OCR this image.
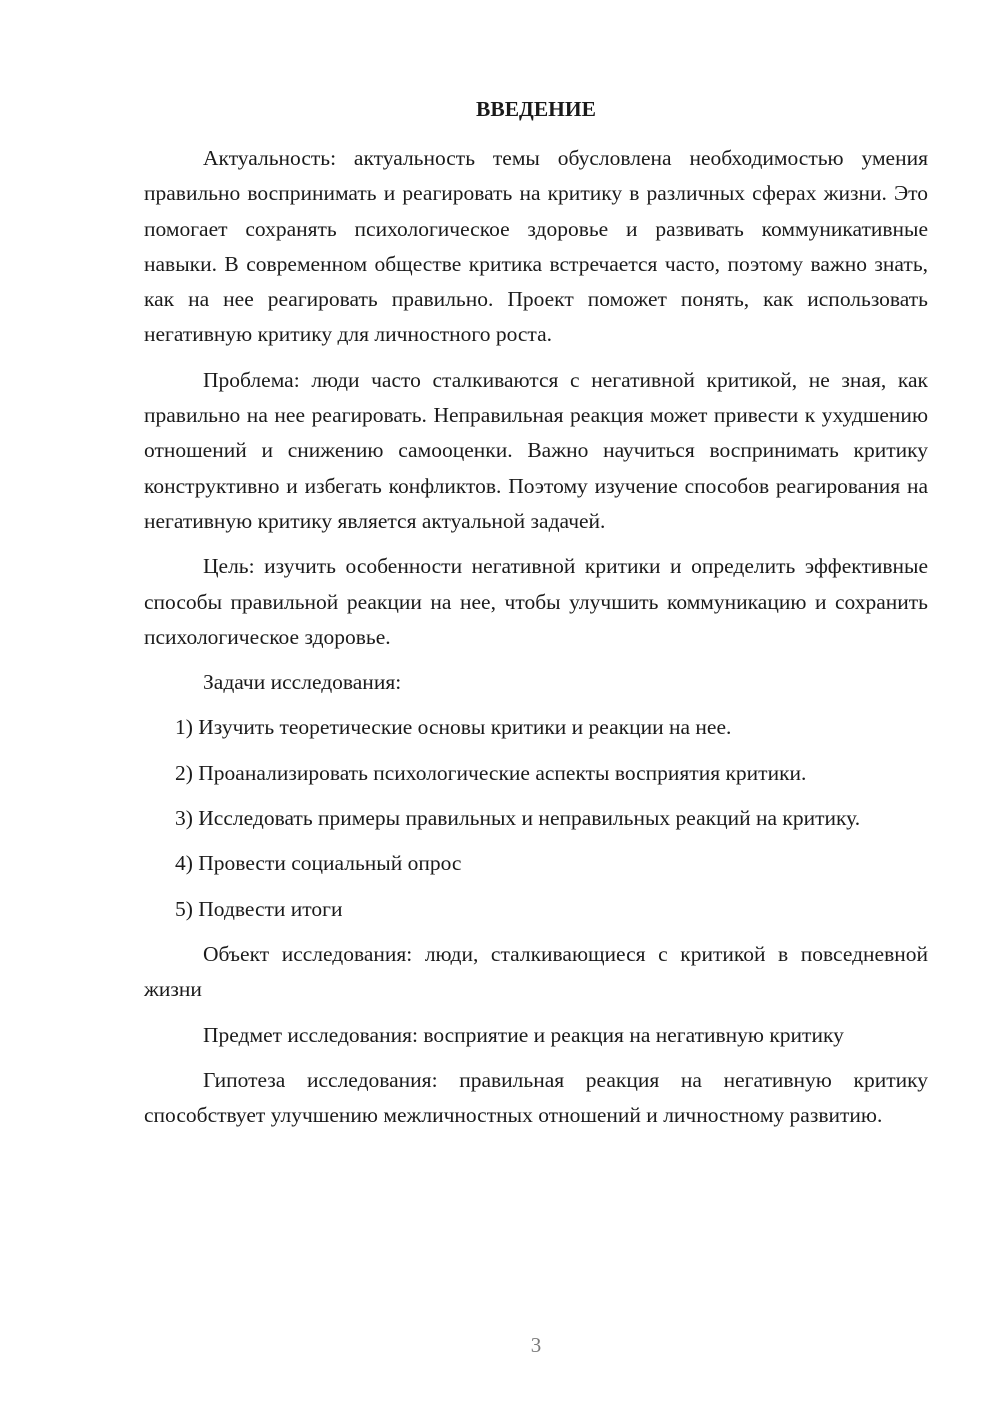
ВВЕДЕНИЕ

Актуальность: актуальность темы обусловлена необходимостью умения правильно воспринимать и реагировать на критику в различных сферах жизни. Это помогает сохранять психологическое здоровье и развивать коммуникативные навыки. В современном обществе критика встречается часто, поэтому важно знать, как на нее реагировать правильно. Проект поможет понять, как использовать негативную критику для личностного роста.

Проблема: люди часто сталкиваются с негативной критикой, не зная, как правильно на нее реагировать. Неправильная реакция может привести к ухудшению отношений и снижению самооценки. Важно научиться воспринимать критику конструктивно и избегать конфликтов. Поэтому изучение способов реагирования на негативную критику является актуальной задачей.

Цель: изучить особенности негативной критики и определить эффективные способы правильной реакции на нее, чтобы улучшить коммуникацию и сохранить психологическое здоровье.

Задачи исследования:

1) Изучить теоретические основы критики и реакции на нее.

2) Проанализировать психологические аспекты восприятия критики.

3) Исследовать примеры правильных и неправильных реакций на критику.

4) Провести социальный опрос

5) Подвести итоги

Объект исследования: люди, сталкивающиеся с критикой в повседневной жизни

Предмет исследования: восприятие и реакция на негативную критику

Гипотеза исследования: правильная реакция на негативную критику способствует улучшению межличностных отношений и личностному развитию.

3
